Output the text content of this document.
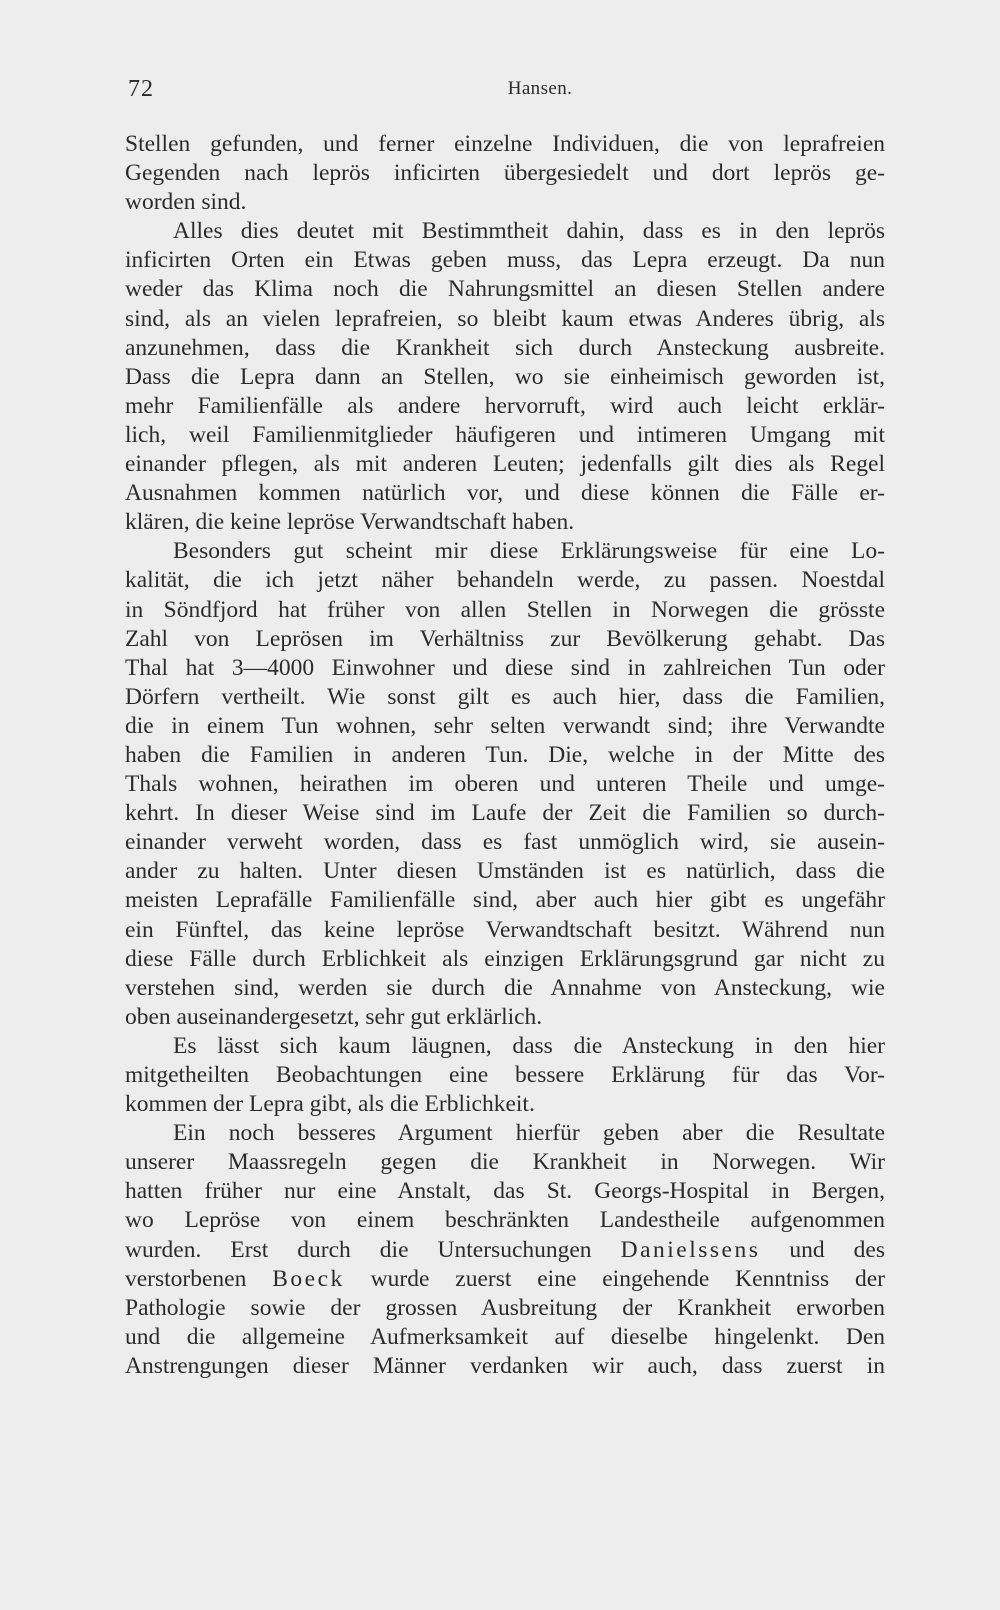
72	Hansen.
Stellen gefunden, und ferner einzelne Individuen, die von leprafreien
Gegenden nach leprös inficirten übergesiedelt und dort leprös ge-
worden sind.
Alles dies deutet mit Bestimmtheit dahin, dass es in den leprös
inficirten Orten ein Etwas geben muss, das Lepra erzeugt. Da nun
weder das Klima noch die Nahrungsmittel an diesen Stellen andere
sind, als an vielen leprafreien, so bleibt kaum etwas Anderes übrig, als
anzunehmen, dass die Krankheit sich durch Ansteckung ausbreite.
Dass die Lepra dann an Stellen, wo sie einheimisch geworden ist,
mehr Familienfälle als andere hervorruft, wird auch leicht erklär-
lich, weil Familienmitglieder häufigeren und intimeren Umgang mit
einander pflegen, als mit anderen Leuten; jedenfalls gilt dies als Regel
Ausnahmen kommen natürlich vor, und diese können die Fälle er-
klären, die keine lepröse Verwandtschaft haben.
Besonders gut scheint mir diese Erklärungsweise für eine Lo-
kalität, die ich jetzt näher behandeln werde, zu passen. Noestdal
in Söndfjord hat früher von allen Stellen in Norwegen die grösste
Zahl von Leprösen im Verhältniss zur Bevölkerung gehabt. Das
Thal hat 3—4000 Einwohner und diese sind in zahlreichen Tun oder
Dörfern vertheilt. Wie sonst gilt es auch hier, dass die Familien,
die in einem Tun wohnen, sehr selten verwandt sind; ihre Verwandte
haben die Familien in anderen Tun. Die, welche in der Mitte des
Thals wohnen, heirathen im oberen und unteren Theile und umge-
kehrt. In dieser Weise sind im Laufe der Zeit die Familien so durch-
einander verweht worden, dass es fast unmöglich wird, sie ausein-
ander zu halten. Unter diesen Umständen ist es natürlich, dass die
meisten Leprafälle Familienfälle sind, aber auch hier gibt es ungefähr
ein Fünftel, das keine lepröse Verwandtschaft besitzt. Während nun
diese Fälle durch Erblichkeit als einzigen Erklärungsgrund gar nicht zu
verstehen sind, werden sie durch die Annahme von Ansteckung, wie
oben auseinandergesetzt, sehr gut erklärlich.
Es lässt sich kaum läugnen, dass die Ansteckung in den hier
mitgetheilten Beobachtungen eine bessere Erklärung für das Vor-
kommen der Lepra gibt, als die Erblichkeit.
Ein noch besseres Argument hierfür geben aber die Resultate
unserer Maassregeln gegen die Krankheit in Norwegen. Wir
hatten früher nur eine Anstalt, das St. Georgs-Hospital in Bergen,
wo Lepröse von einem beschränkten Landestheile aufgenommen
wurden. Erst durch die Untersuchungen Danielssens und des
verstorbenen Boeck wurde zuerst eine eingehende Kenntniss der
Pathologie sowie der grossen Ausbreitung der Krankheit erworben
und die allgemeine Aufmerksamkeit auf dieselbe hingelenkt. Den
Anstrengungen dieser Männer verdanken wir auch, dass zuerst in
